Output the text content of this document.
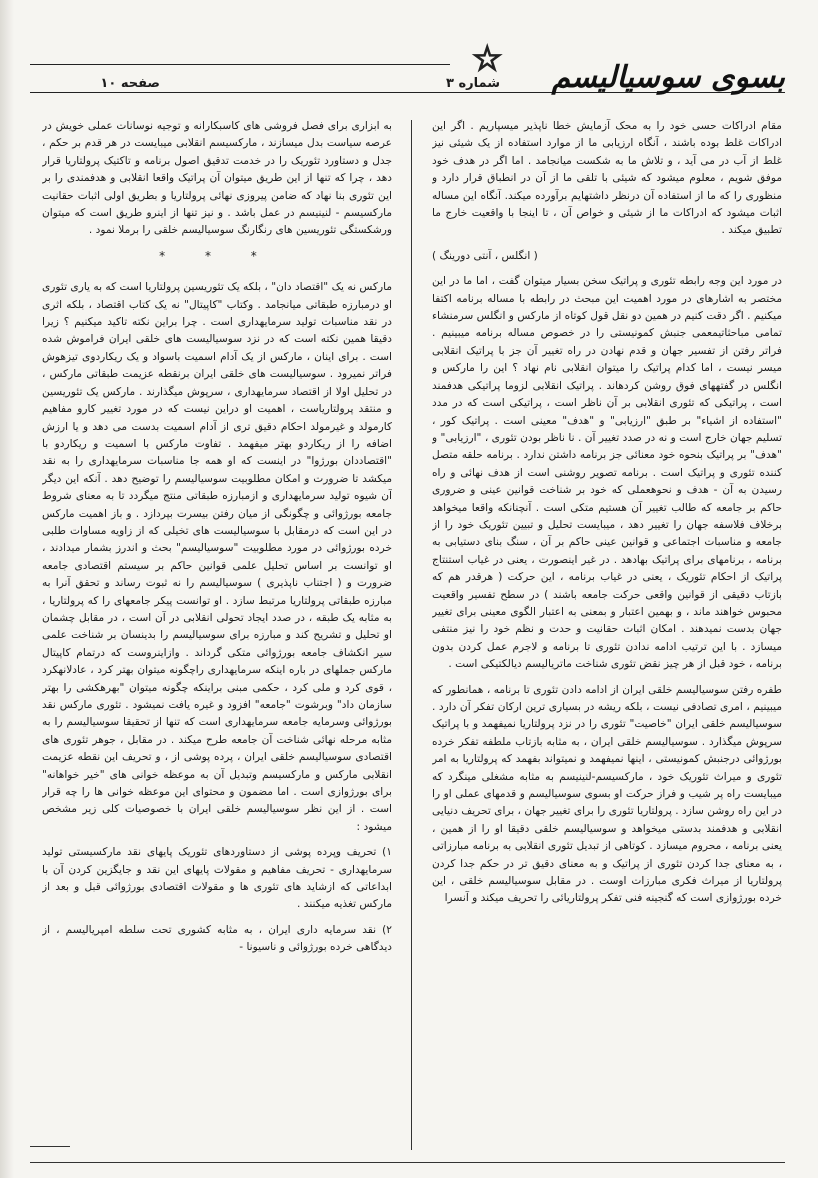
☆	بسوی سوسیالیسم
شماره ۳
صفحه ۱۰

مقام ادراکات حسی خود را به محک آزمایش خطا ناپذیر میسپاریم . اگر این ادراکات غلط بوده باشند ، آنگاه ارزیابی ما از موارد استفاده از یک شیئی نیز غلط از آب در می آید ، و تلاش ما به شکست میانجامد . اما اگر در هدف خود موفق شویم ، معلوم میشود که شیئی با تلقی ما از آن در انطباق قرار دارد و منظوری را که ما از استفاده آن درنظر داشتهایم برآورده میکند. آنگاه این مساله اثبات میشود که ادراکات ما از شیئی و خواص آن ، تا اینجا با واقعیت خارج ما تطبیق میکند .

( انگلس ، آنتی دورینگ )

در مورد این وجه رابطه تئوری و پراتیک سخن بسیار میتوان گفت ، اما ما در این مختصر به اشارهای در مورد اهمیت این مبحث در رابطه با مساله برنامه اکتفا میکنیم . اگر دقت کنیم در همین دو نقل قول کوتاه از مارکس و انگلس سرمنشاء تمامی مباحثاتیمعمی جنبش کمونیستی را در خصوص مساله برنامه میبینیم . فراتر رفتن از تفسیر جهان و قدم نهادن در راه تغییر آن جز با پراتیک انقلابی میسر نیست ، اما کدام پراتیک را میتوان انقلابی نام نهاد ؟ این را مارکس و انگلس در گفتههای فوق روشن کردهاند . پراتیک انقلابی لزوما پراتیکی هدفمند است ، پراتیکی که تئوری انقلابی بر آن ناظر است ، پراتیکی است که در مدد "استفاده از اشیاء" بر طبق "ارزیابی" و "هدف" معینی است . پراتیک کور ، تسلیم جهان خارج است و نه در صدد تغییر آن . نا ناظر بودن تئوری ، "ارزیابی" و "هدف" بر پراتیک بنحوه خود معنائی جز برنامه داشتن ندارد . برنامه حلقه متصل کننده تئوری و پراتیک است . برنامه تصویر روشنی است از هدف نهائی و راه رسیدن به آن - هدف و نحوهعملی که خود بر شناخت قوانین عینی و ضروری حاکم بر جامعه که طالب تغییر آن هستیم متکی است . آنچنانکه واقعا میخواهد برخلاف فلاسفه جهان را تغییر دهد ، میبایست تحلیل و تبیین تئوریک خود را از جامعه و مناسبات اجتماعی و قوانین عینی حاکم بر آن ، سنگ بنای دستیابی به برنامه ، برنامهای برای پراتیک بهادهد . در غیر اینصورت ، یعنی در غیاب استنتاج پراتیک از احکام تئوریک ، یعنی در غیاب برنامه ، این حرکت ( هرقدر هم که بازتاب دقیقی از قوانین واقعی حرکت جامعه باشند ) در سطح تفسیر واقعیت محبوس خواهند ماند ، و بهمین اعتبار و بمعنی به اعتبار الگوی معینی برای تغییر جهان بدست نمیدهند . امکان اثبات حقانیت و حدت و نظم خود را نیز منتفی میسازد . با این ترتیب ادامه ندادن تئوری تا برنامه و لاجرم عمل کردن بدون برنامه ، خود قبل از هر چیز نقض تئوری شناخت ماتریالیسم دیالکتیکی است .

طفره رفتن سوسیالیسم خلقی ایران از ادامه دادن تئوری تا برنامه ، همانطور که میبینیم ، امری تصادفی نیست ، بلکه ریشه در بسیاری ترین ارکان تفکر آن دارد . سوسیالیسم خلقی ایران "خاصیت" تئوری را در نزد پرولتاریا نمیفهمد و با پراتیک سرپوش میگذارد . سوسیالیسم خلقی ایران ، به مثابه بازتاب ملطفه تفکر خرده بورژوائی درجنبش کمونیستی ، اینها نمیفهمد و نمیتواند بفهمد که پرولتاریا به امر تئوری و میراث تئوریک خود ، مارکسیسم-لنینیسم به مثابه مشغلی مینگرد که میبایست راه پر شیب و فراز حرکت او بسوی سوسیالیسم و قدمهای عملی او را در این راه روشن سازد . پرولتاریا تئوری را برای تغییر جهان ، برای تحریف دنیایی انقلابی و هدفمند بدستی میخواهد و سوسیالیسم خلقی دقیقا او را از همین ، یعنی برنامه ، محروم میسازد . کوتاهی از تبدیل تئوری انقلابی به برنامه مبارزاتی ، به معنای جدا کردن تئوری از پراتیک و به معنای دقیق تر در حکم جدا کردن پرولتاریا از میراث فکری مبارزات اوست . در مقابل سوسیالیسم خلقی ، این خرده بورژوازی است که گنجینه فنی تفکر پرولتاریائی را تحریف میکند و آنسرا

به ابزاری برای فصل فروشی های کاسبکارانه و توجیه نوسانات عملی خویش در عرصه سیاست بدل میسازند ، مارکسیسم انقلابی میبایست در هر قدم بر حکم ، جدل و دستاورد تئوریک را در خدمت تدقیق اصول برنامه و تاکتیک پرولتاریا قرار دهد ، چرا که تنها از این طریق میتوان آن پراتیک واقعا انقلابی و هدفمندی را بر این تئوری بنا نهاد که ضامن پیروزی نهائی پرولتاریا و بطریق اولی اثبات حقانیت مارکسیسم - لنینیسم در عمل باشد . و نیز تنها از اینرو طریق است که میتوان ورشکستگی تئوریسین های رنگارنگ سوسیالیسم خلقی را برملا نمود .

* * *

مارکس نه یک "اقتصاد دان" ، بلکه یک تئوریسین پرولتاریا است که به یاری تئوری او درمبارزه طبقاتی میانجامد . وکتاب "کاپیتال" نه یک کتاب اقتصاد ، بلکه اثری در نقد مناسبات تولید سرمایهداری است . چرا براین نکته تاکید میکنیم ؟ زیرا دقیقا همین نکته است که در نزد سوسیالیست های خلقی ایران فراموش شده است . برای اینان ، مارکس از یک آدام اسمیت باسواد و یک ریکاردوی تیزهوش فراتر نمیرود . سوسیالیست های خلقی ایران برنقطه عزیمت طبقاتی مارکس ، در تحلیل اولا از اقتصاد سرمایهداری ، سرپوش میگذارند . مارکس یک تئوریسین و منتقد پرولتاریاست ، اهمیت او دراین نیست که در مورد تغییر کارو مفاهیم کارمولد و غیرمولد احکام دقیق تری از آدام اسمیت بدست می دهد و یا ارزش اضافه را از ریکاردو بهتر میفهمد . تفاوت مارکس با اسمیت و ریکاردو با "اقتصاددان بورژوا" در اینست که او همه جا مناسبات سرمایهداری را به نقد میکشد تا ضرورت و امکان مطلوبیت سوسیالیسم را توضیح دهد . آنکه این دیگر آن شیوه تولید سرمایهداری و ازمبارزه طبقاتی منتج میگردد تا به معنای شروط جامعه بورژوائی و چگونگی از میان رفتن بیسرت بپردازد . و باز اهمیت مارکس در این است که درمقابل با سوسیالیست های تخیلی که از زاویه مساوات طلبی خرده بورژوائی در مورد مطلوبیت "سوسیالیسم" بحث و اندرز بشمار میدادند ، او توانست بر اساس تحلیل علمی قوانین حاکم بر سیستم اقتصادی جامعه ضرورت و ( اجتناب ناپذیری ) سوسیالیسم را نه ثبوت رساند و تحقق آنرا به مبارزه طبقاتی پرولتاریا مرتبط سازد . او توانست پیکر جامعهای را که پرولتاریا ، به مثابه یک طبقه ، در صدد ایجاد تحولی انقلابی در آن است ، در مقابل چشمان او تحلیل و تشریح کند و مبارزه برای سوسیالیسم را بدینسان بر شناخت علمی سیر انکشاف جامعه بورژوائی متکی گرداند . وازاینروست که درتمام کاپیتال مارکس جملهای در باره اینکه سرمایهداری راچگونه میتوان بهتر کرد ، عادلانهکرد ، قوی کرد و ملی کرد ، حکمی مبنی براینکه چگونه میتوان "بهرهکشی را بهتر سازمان داد" وبرشوت "جامعه" افزود و غیره یافت نمیشود . تئوری مارکس نقد بورژوائی وسرمایه جامعه سرمایهداری است که تنها از تحقیقا سوسیالیسم را به مثابه مرحله نهائی شناخت آن جامعه طرح میکند . در مقابل ، جوهر تئوری های اقتصادی سوسیالیسم خلقی ایران ، پرده پوشی از ، و تحریف این نقطه عزیمت انقلابی مارکس و مارکسیسم وتبدیل آن به موعظه خوانی های "خیر خواهانه" برای بورژوازی است . اما مضمون و محتوای این موعظه خوانی ها را چه قرار است . از این نظر سوسیالیسم خلقی ایران با خصوصیات کلی زیر مشخص میشود :

۱) تحریف وپرده پوشی از دستاوردهای تئوریک پایهای نقد مارکسیستی تولید سرمایهداری - تحریف مفاهیم و مقولات پایهای این نقد و جایگزین کردن آن با ابداعاتی که ازشاید های تئوری ها و مقولات اقتصادی بورژوائی قبل و بعد از مارکس تغذیه میکنند .

۲) نقد سرمایه داری ایران ، به مثابه کشوری تحت سلطه امپریالیسم ، از دیدگاهی خرده بورژوائی و ناسیونا -
